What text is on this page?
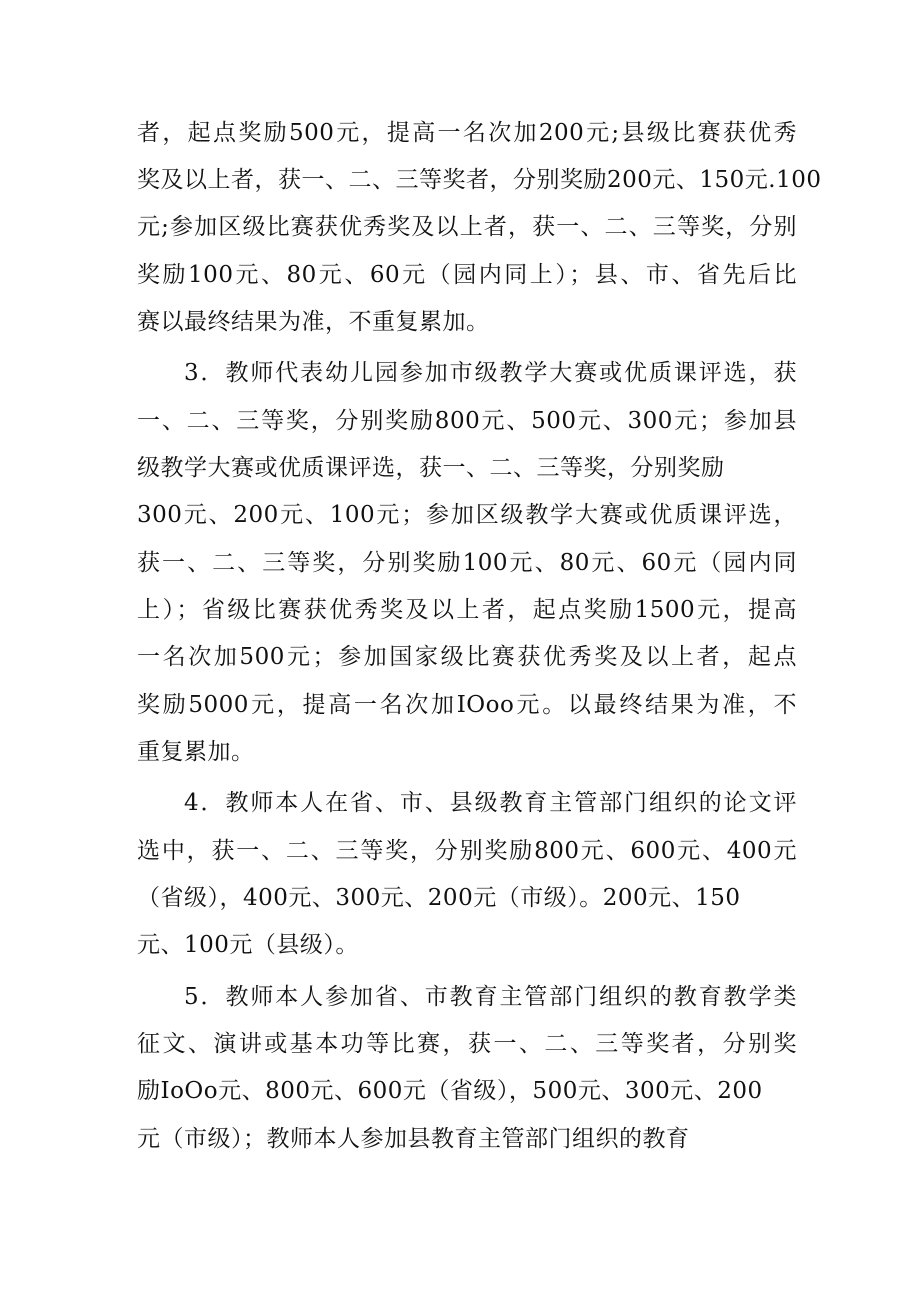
者，起点奖励500元，提高一名次加200元;县级比赛获优秀
奖及以上者，获一、二、三等奖者，分别奖励200元、150元.100
元;参加区级比赛获优秀奖及以上者，获一、二、三等奖，分别
奖励100元、80元、60元（园内同上）；县、市、省先后比
赛以最终结果为准，不重复累加。
3．教师代表幼儿园参加市级教学大赛或优质课评选，获
一、二、三等奖，分别奖励800元、500元、300元；参加县
级教学大赛或优质课评选，获一、二、三等奖，分别奖励
300元、200元、100元；参加区级教学大赛或优质课评选，
获一、二、三等奖，分别奖励100元、80元、60元（园内同
上）；省级比赛获优秀奖及以上者，起点奖励1500元，提高
一名次加500元；参加国家级比赛获优秀奖及以上者，起点
奖励5000元，提高一名次加IOoo元。以最终结果为准，不
重复累加。
4．教师本人在省、市、县级教育主管部门组织的论文评
选中，获一、二、三等奖，分别奖励800元、600元、400元
（省级），400元、300元、200元（市级）。200元、150
元、100元（县级）。
5．教师本人参加省、市教育主管部门组织的教育教学类
征文、演讲或基本功等比赛，获一、二、三等奖者，分别奖
励IoOo元、800元、600元（省级），500元、300元、200
元（市级）；教师本人参加县教育主管部门组织的教育
